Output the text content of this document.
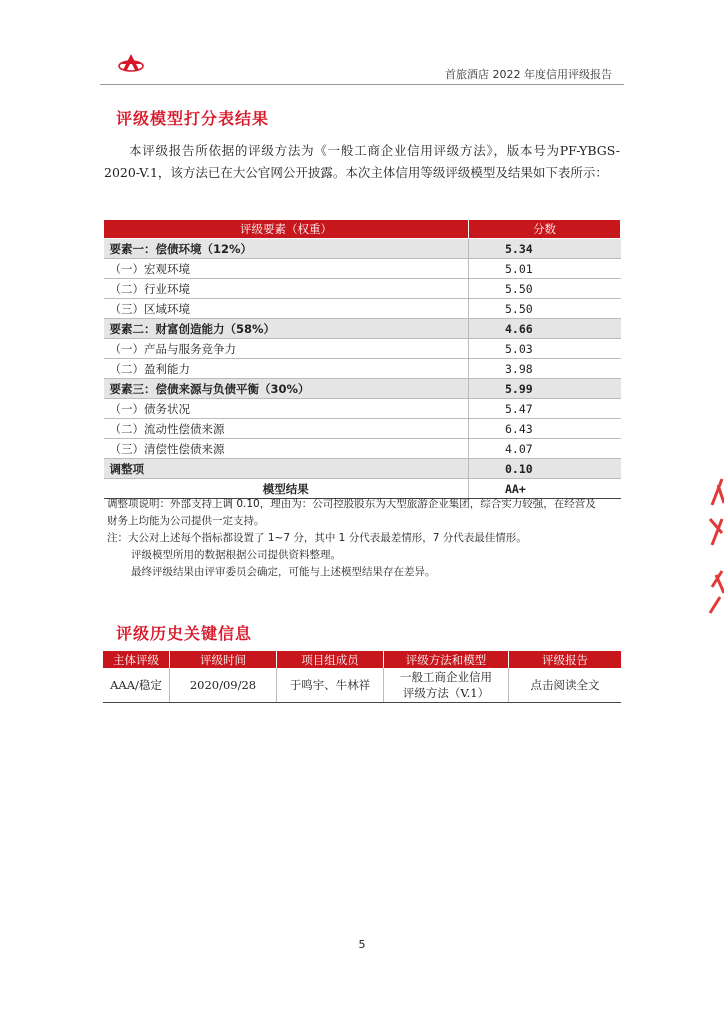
首旅酒店 2022 年度信用评级报告
评级模型打分表结果

本评级报告所依据的评级方法为《一般工商企业信用评级方法》，版本号为PF-YBGS-2020-V.1，该方法已在大公官网公开披露。本次主体信用等级评级模型及结果如下表所示：

评级要素（权重）	分数
要素一：偿债环境（12%）	5.34
（一）宏观环境	5.01
（二）行业环境	5.50
（三）区域环境	5.50
要素二：财富创造能力（58%）	4.66
（一）产品与服务竞争力	5.03
（二）盈利能力	3.98
要素三：偿债来源与负债平衡（30%）	5.99
（一）债务状况	5.47
（二）流动性偿债来源	6.43
（三）清偿性偿债来源	4.07
调整项	0.10
模型结果	AA+
调整项说明：外部支持上调 0.10，理由为：公司控股股东为大型旅游企业集团，综合实力较强，在经营及
财务上均能为公司提供一定支持。
注：大公对上述每个指标都设置了 1~7 分，其中 1 分代表最差情形，7 分代表最佳情形。
评级模型所用的数据根据公司提供资料整理。
最终评级结果由评审委员会确定，可能与上述模型结果存在差异。
评级历史关键信息
主体评级	评级时间	项目组成员	评级方法和模型	评级报告
AAA/稳定	2020/09/28	于鸣宇、牛林祥	一般工商企业信用
评级方法（V.1）	点击阅读全文
5
